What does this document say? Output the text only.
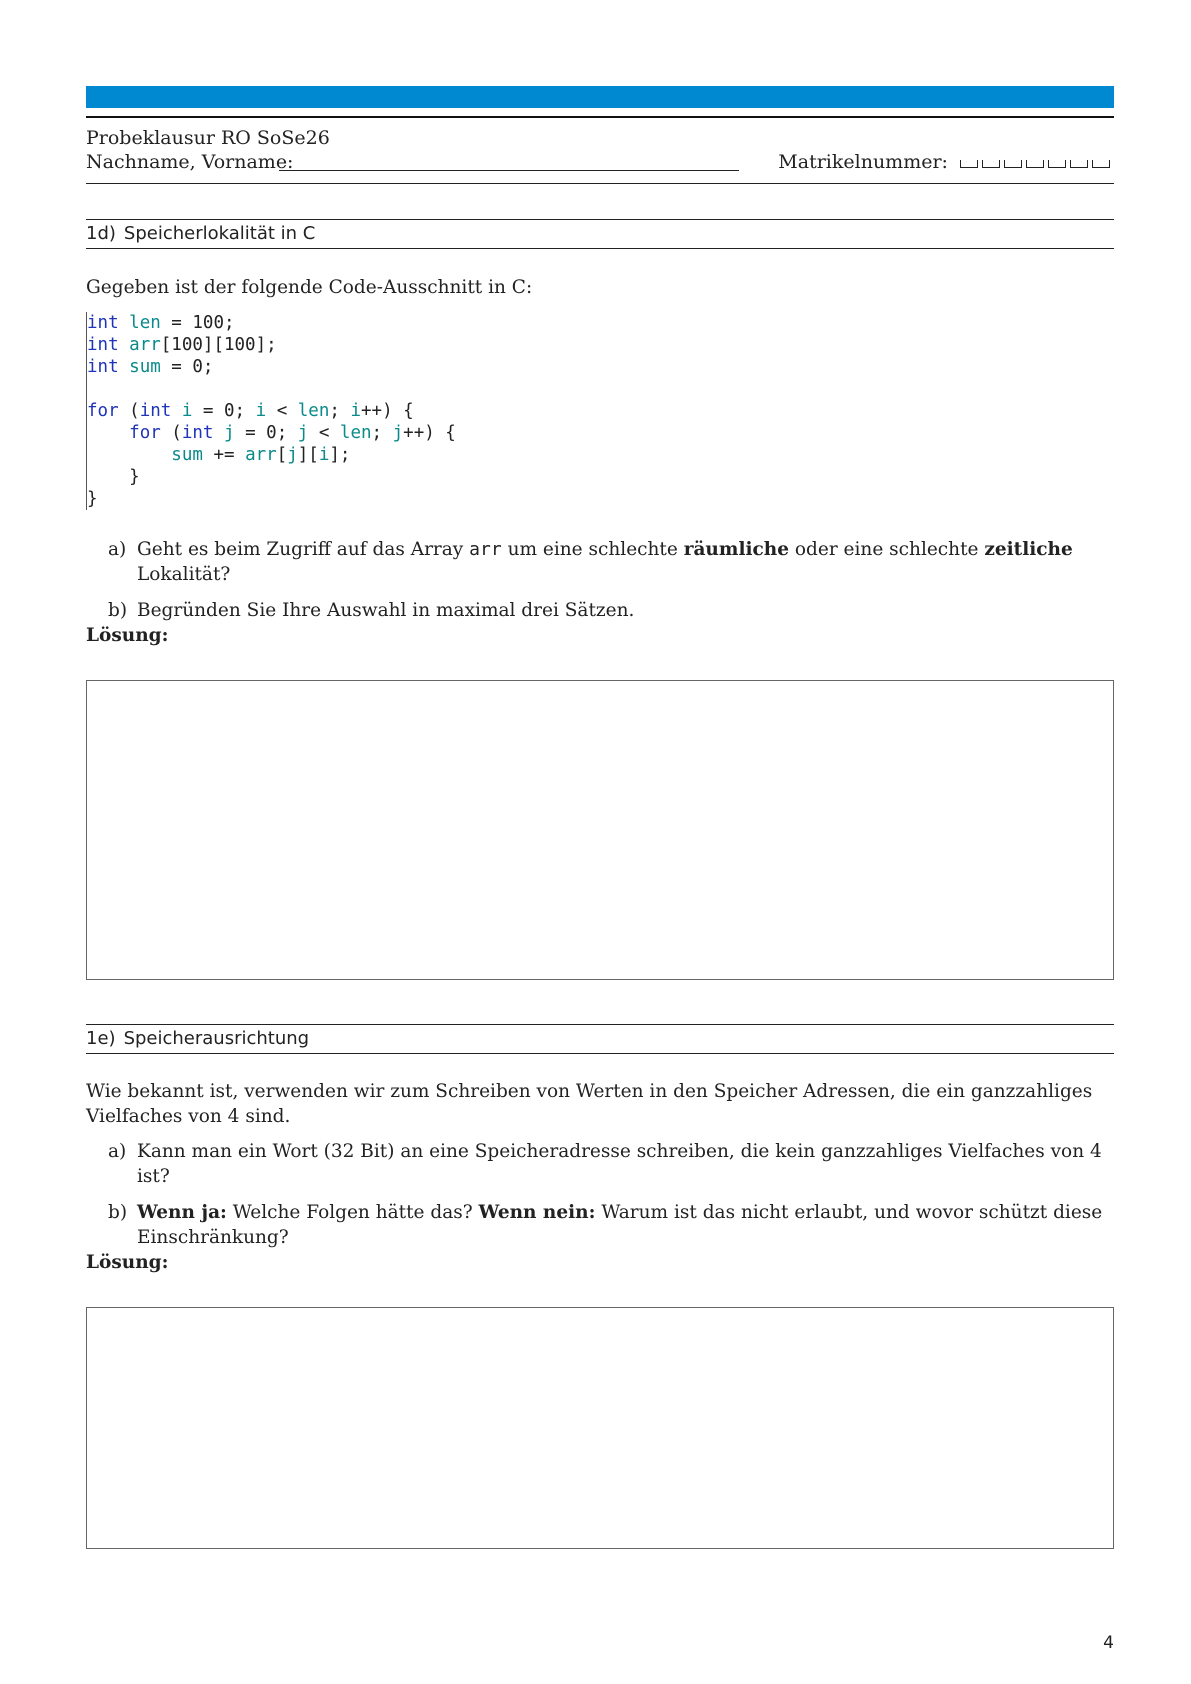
Probeklausur RO SoSe26
Nachname, Vorname:	Matrikelnummer:
1d) Speicherlokalität in C
Gegeben ist der folgende Code-Ausschnitt in C:
int len = 100;
int arr[100][100];
int sum = 0;

for (int i = 0; i < len; i++) {
for (int j = 0; j < len; j++) {
sum += arr[j][i];
}
}
a) Geht es beim Zugriff auf das Array arr um eine schlechte räumliche oder eine schlechte zeitliche Lokalität?
b) Begründen Sie Ihre Auswahl in maximal drei Sätzen.
Lösung:
1e) Speicherausrichtung
Wie bekannt ist, verwenden wir zum Schreiben von Werten in den Speicher Adressen, die ein ganzzahliges Vielfaches von 4 sind.
a) Kann man ein Wort (32 Bit) an eine Speicheradresse schreiben, die kein ganzzahliges Vielfaches von 4 ist?
b) Wenn ja: Welche Folgen hätte das? Wenn nein: Warum ist das nicht erlaubt, und wovor schützt diese Einschränkung?
Lösung:
4
